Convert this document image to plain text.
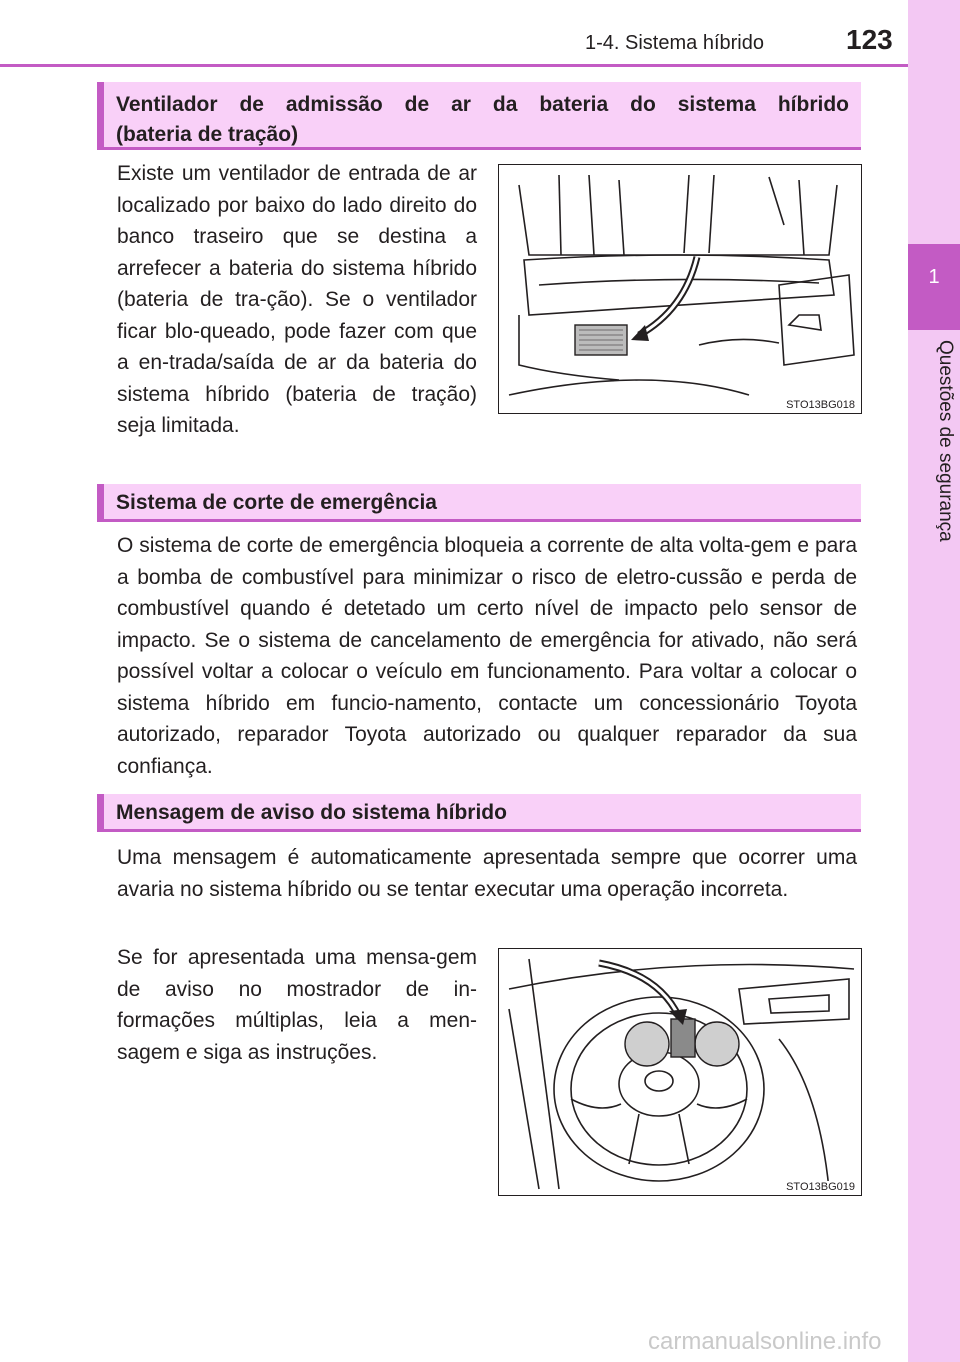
1-4. Sistema híbrido	123
1
Questões de segurança
Ventilador de admissão de ar da bateria do sistema híbrido
(bateria de tração)
Existe um ventilador de entrada de ar localizado por baixo do lado direito do banco traseiro que se destina a arrefecer a bateria do sistema híbrido (bateria de tra-ção). Se o ventilador ficar blo-queado, pode fazer com que a en-trada/saída de ar da bateria do sistema híbrido (bateria de tração) seja limitada.
STO13BG018
Sistema de corte de emergência
O sistema de corte de emergência bloqueia a corrente de alta volta-gem e para a bomba de combustível para minimizar o risco de eletro-cussão e perda de combustível quando é detetado um certo nível de impacto pelo sensor de impacto. Se o sistema de cancelamento de emergência for ativado, não será possível voltar a colocar o veículo em funcionamento. Para voltar a colocar o sistema híbrido em funcio-namento, contacte um concessionário Toyota autorizado, reparador Toyota autorizado ou qualquer reparador da sua confiança.
Mensagem de aviso do sistema híbrido
Uma mensagem é automaticamente apresentada sempre que ocorrer uma avaria no sistema híbrido ou se tentar executar uma operação incorreta.
Se for apresentada uma mensa-gem de aviso no mostrador de in-formações múltiplas, leia a men-sagem e siga as instruções.
STO13BG019
carmanualsonline.info
